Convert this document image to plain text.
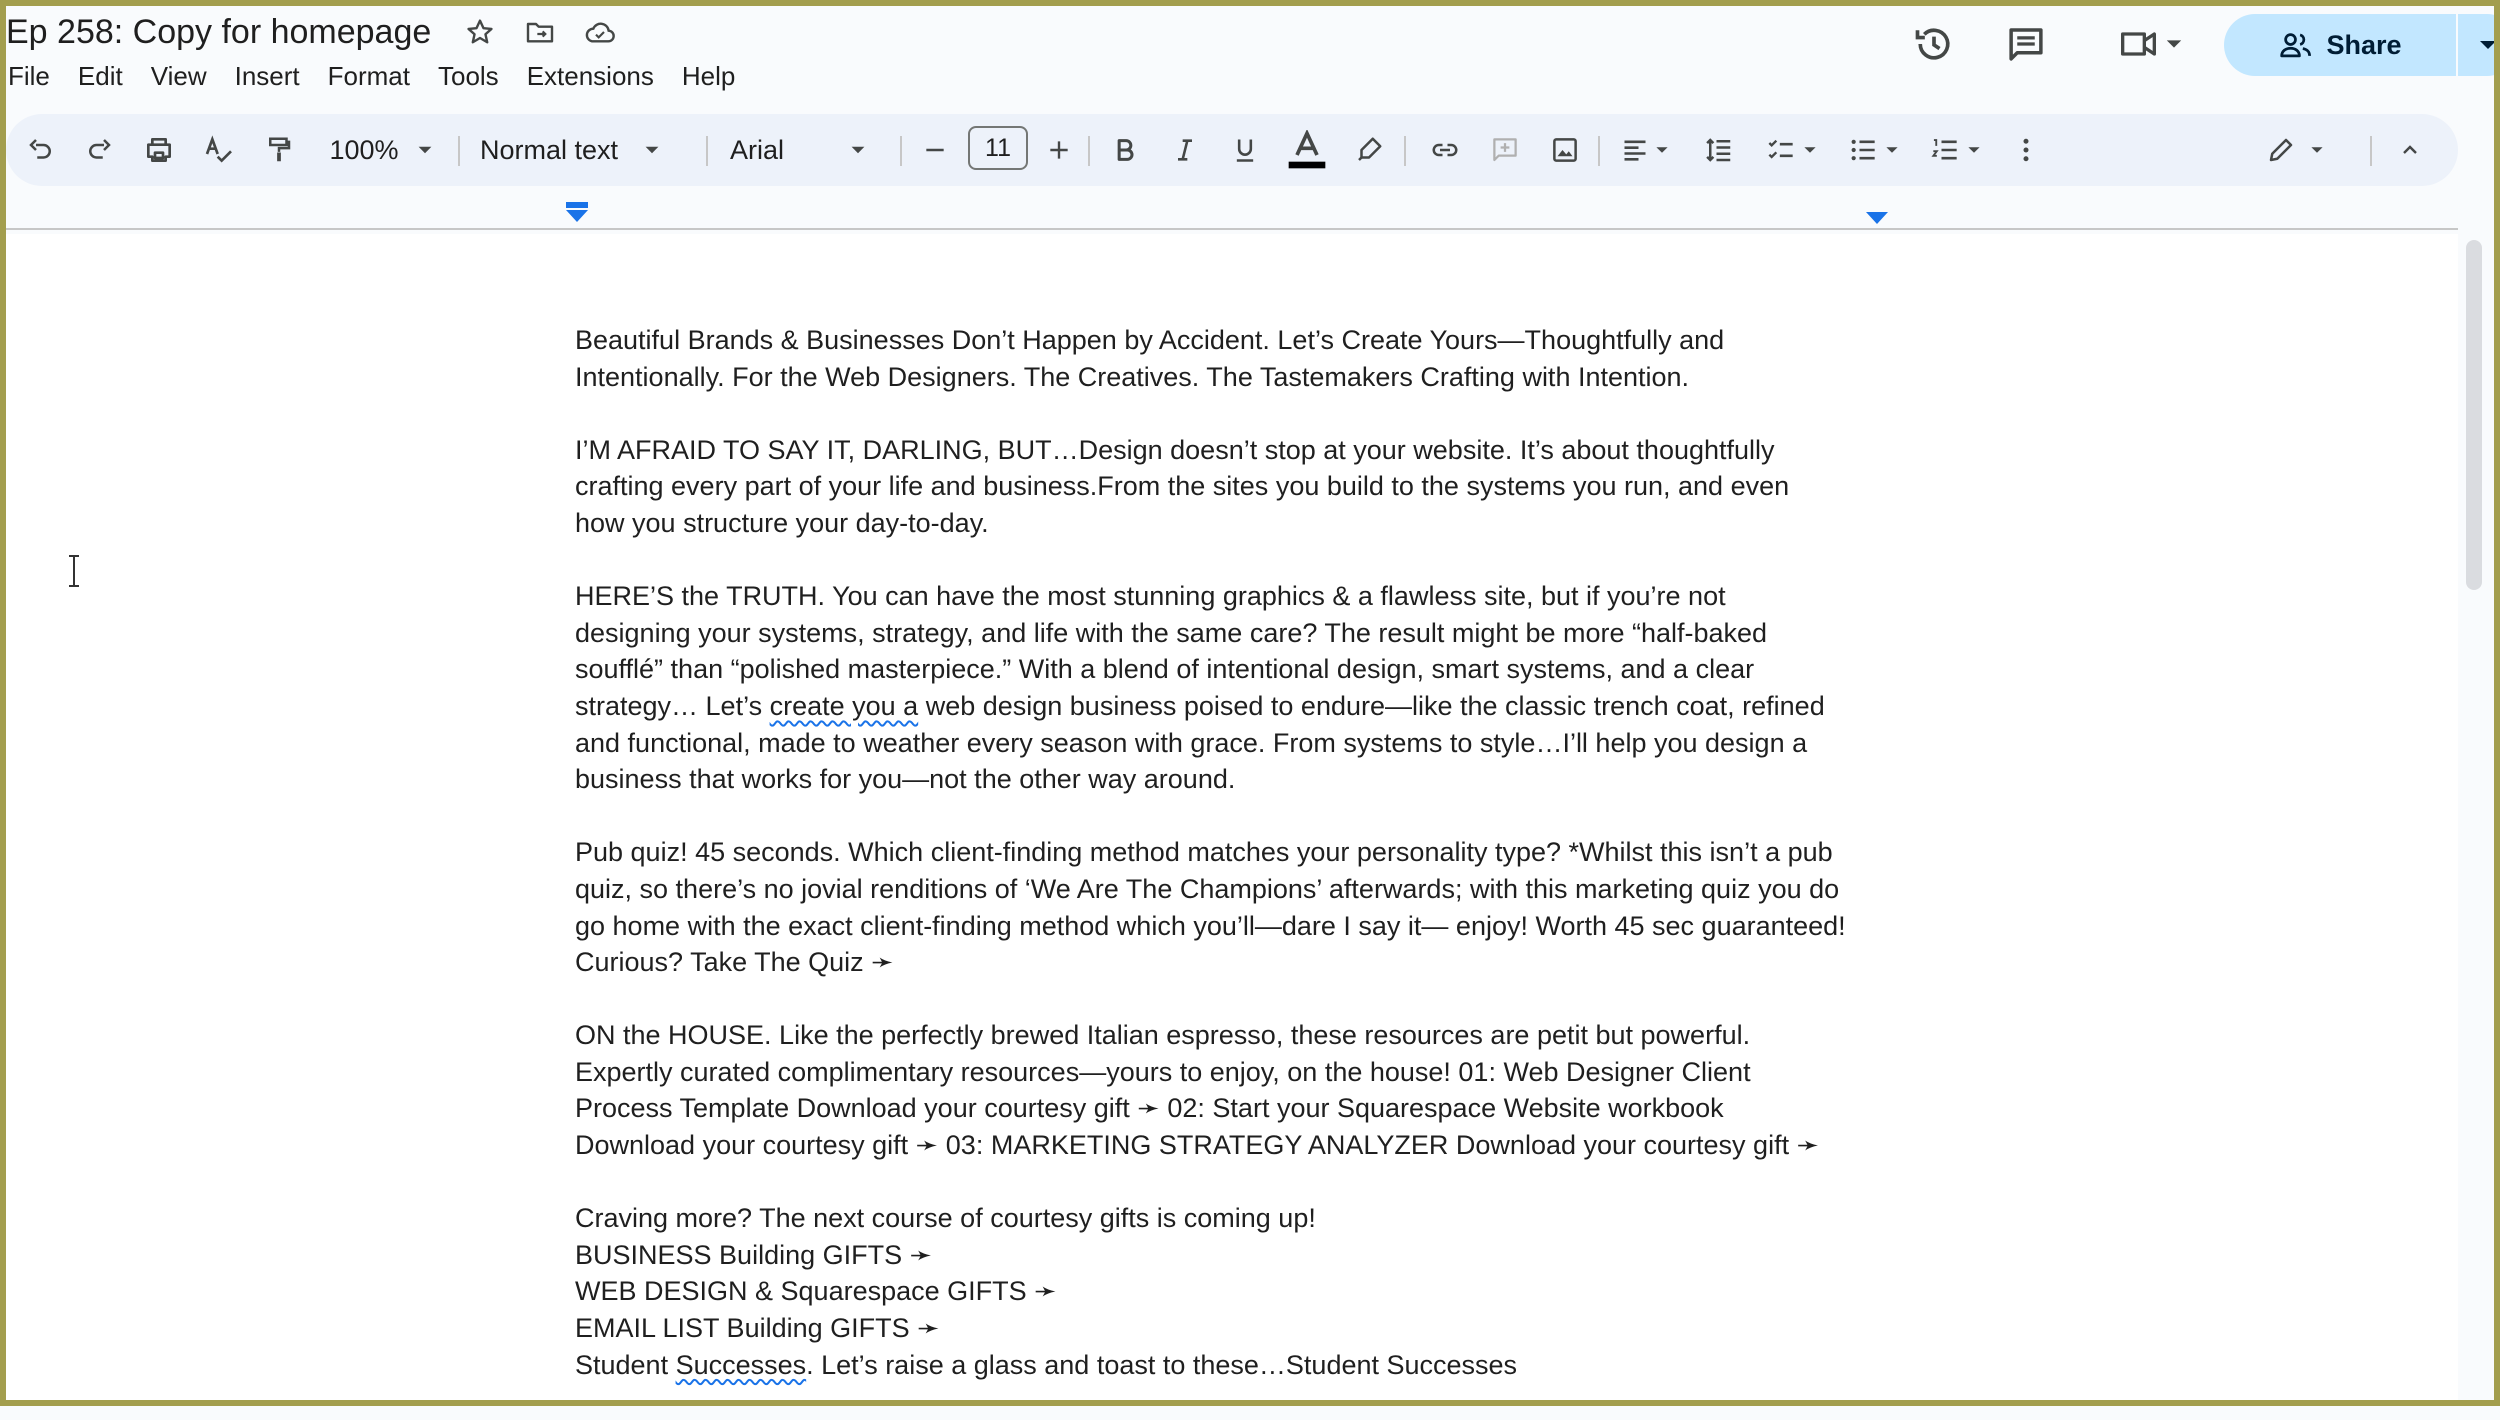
Ep 258: Copy for homepage
File	Edit	View	Insert	Format	Tools	Extensions	Help
Share
100%	Normal text	Arial	11
Beautiful Brands & Businesses Don’t Happen by Accident. Let’s Create Yours—Thoughtfully and
Intentionally. For the Web Designers. The Creatives. The Tastemakers Crafting with Intention.
I’M AFRAID TO SAY IT, DARLING, BUT…Design doesn’t stop at your website. It’s about thoughtfully
crafting every part of your life and business.From the sites you build to the systems you run, and even
how you structure your day-to-day.
HERE’S the TRUTH. You can have the most stunning graphics & a flawless site, but if you’re not
designing your systems, strategy, and life with the same care? The result might be more “half-baked
soufflé” than “polished masterpiece.” With a blend of intentional design, smart systems, and a clear
strategy… Let’s create you a web design business poised to endure—like the classic trench coat, refined
and functional, made to weather every season with grace. From systems to style…I’ll help you design a
business that works for you—not the other way around.
Pub quiz! 45 seconds. Which client-finding method matches your personality type? *Whilst this isn’t a pub
quiz, so there’s no jovial renditions of ‘We Are The Champions’ afterwards; with this marketing quiz you do
go home with the exact client-finding method which you’ll—dare I say it— enjoy! Worth 45 sec guaranteed!
Curious? Take The Quiz ➛
ON the HOUSE. Like the perfectly brewed Italian espresso, these resources are petit but powerful.
Expertly curated complimentary resources—yours to enjoy, on the house! 01: Web Designer Client
Process Template Download your courtesy gift ➛ 02: Start your Squarespace Website workbook
Download your courtesy gift ➛ 03: MARKETING STRATEGY ANALYZER Download your courtesy gift ➛
Craving more? The next course of courtesy gifts is coming up!
BUSINESS Building GIFTS ➛
WEB DESIGN & Squarespace GIFTS ➛
EMAIL LIST Building GIFTS ➛
Student Successes. Let’s raise a glass and toast to these…Student Successes
